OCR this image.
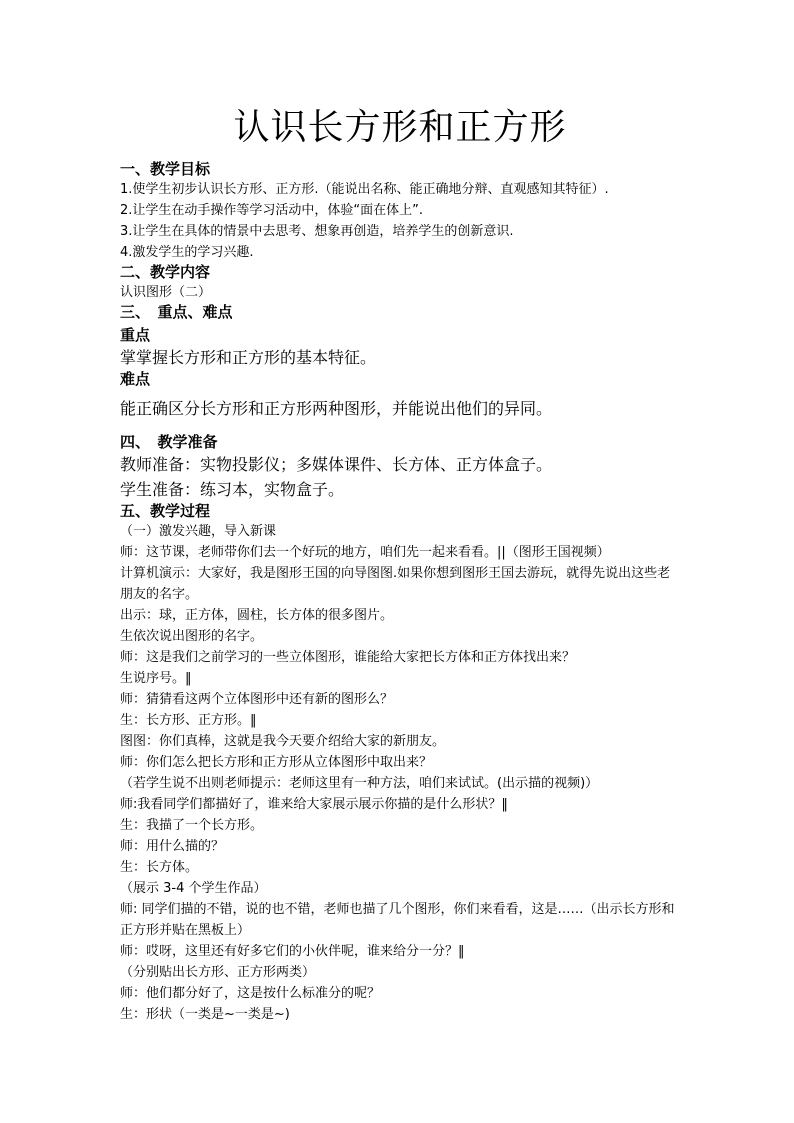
认识长方形和正方形

一、教学目标

1.使学生初步认识长方形、正方形.（能说出名称、能正确地分辩、直观感知其特征）.

2.让学生在动手操作等学习活动中，体验“面在体上”.

3.让学生在具体的情景中去思考、想象再创造，培养学生的创新意识.

4.激发学生的学习兴趣.

二、教学内容

认识图形（二）

三、　重点、难点

重点

掌掌握长方形和正方形的基本特征。

难点

能正确区分长方形和正方形两种图形，并能说出他们的异同。

四、　教学准备

教师准备：实物投影仪；多媒体课件、长方体、正方体盒子。

学生准备：练习本，实物盒子。

五、教学过程

（一）激发兴趣，导入新课

师：这节课，老师带你们去一个好玩的地方，咱们先一起来看看。||（图形王国视频）

计算机演示：大家好，我是图形王国的向导图图.如果你想到图形王国去游玩，就得先说出这些老朋友的名字。

出示：球，正方体，圆柱，长方体的很多图片。

生依次说出图形的名字。

师：这是我们之前学习的一些立体图形，谁能给大家把长方体和正方体找出来？

生说序号。‖

师：猜猜看这两个立体图形中还有新的图形么？

生：长方形、正方形。‖

图图：你们真棒，这就是我今天要介绍给大家的新朋友。

师：你们怎么把长方形和正方形从立体图形中取出来？

（若学生说不出则老师提示：老师这里有一种方法，咱们来试试。(出示描的视频)）

师:我看同学们都描好了，谁来给大家展示展示你描的是什么形状？‖

生：我描了一个长方形。

师：用什么描的？

生：长方体。

（展示 3-4 个学生作品）

师: 同学们描的不错，说的也不错，老师也描了几个图形，你们来看看，这是……（出示长方形和正方形并贴在黑板上）

师：哎呀，这里还有好多它们的小伙伴呢，谁来给分一分？‖

（分别贴出长方形、正方形两类）

师：他们都分好了，这是按什么标准分的呢？

生：形状（一类是~一类是~)
